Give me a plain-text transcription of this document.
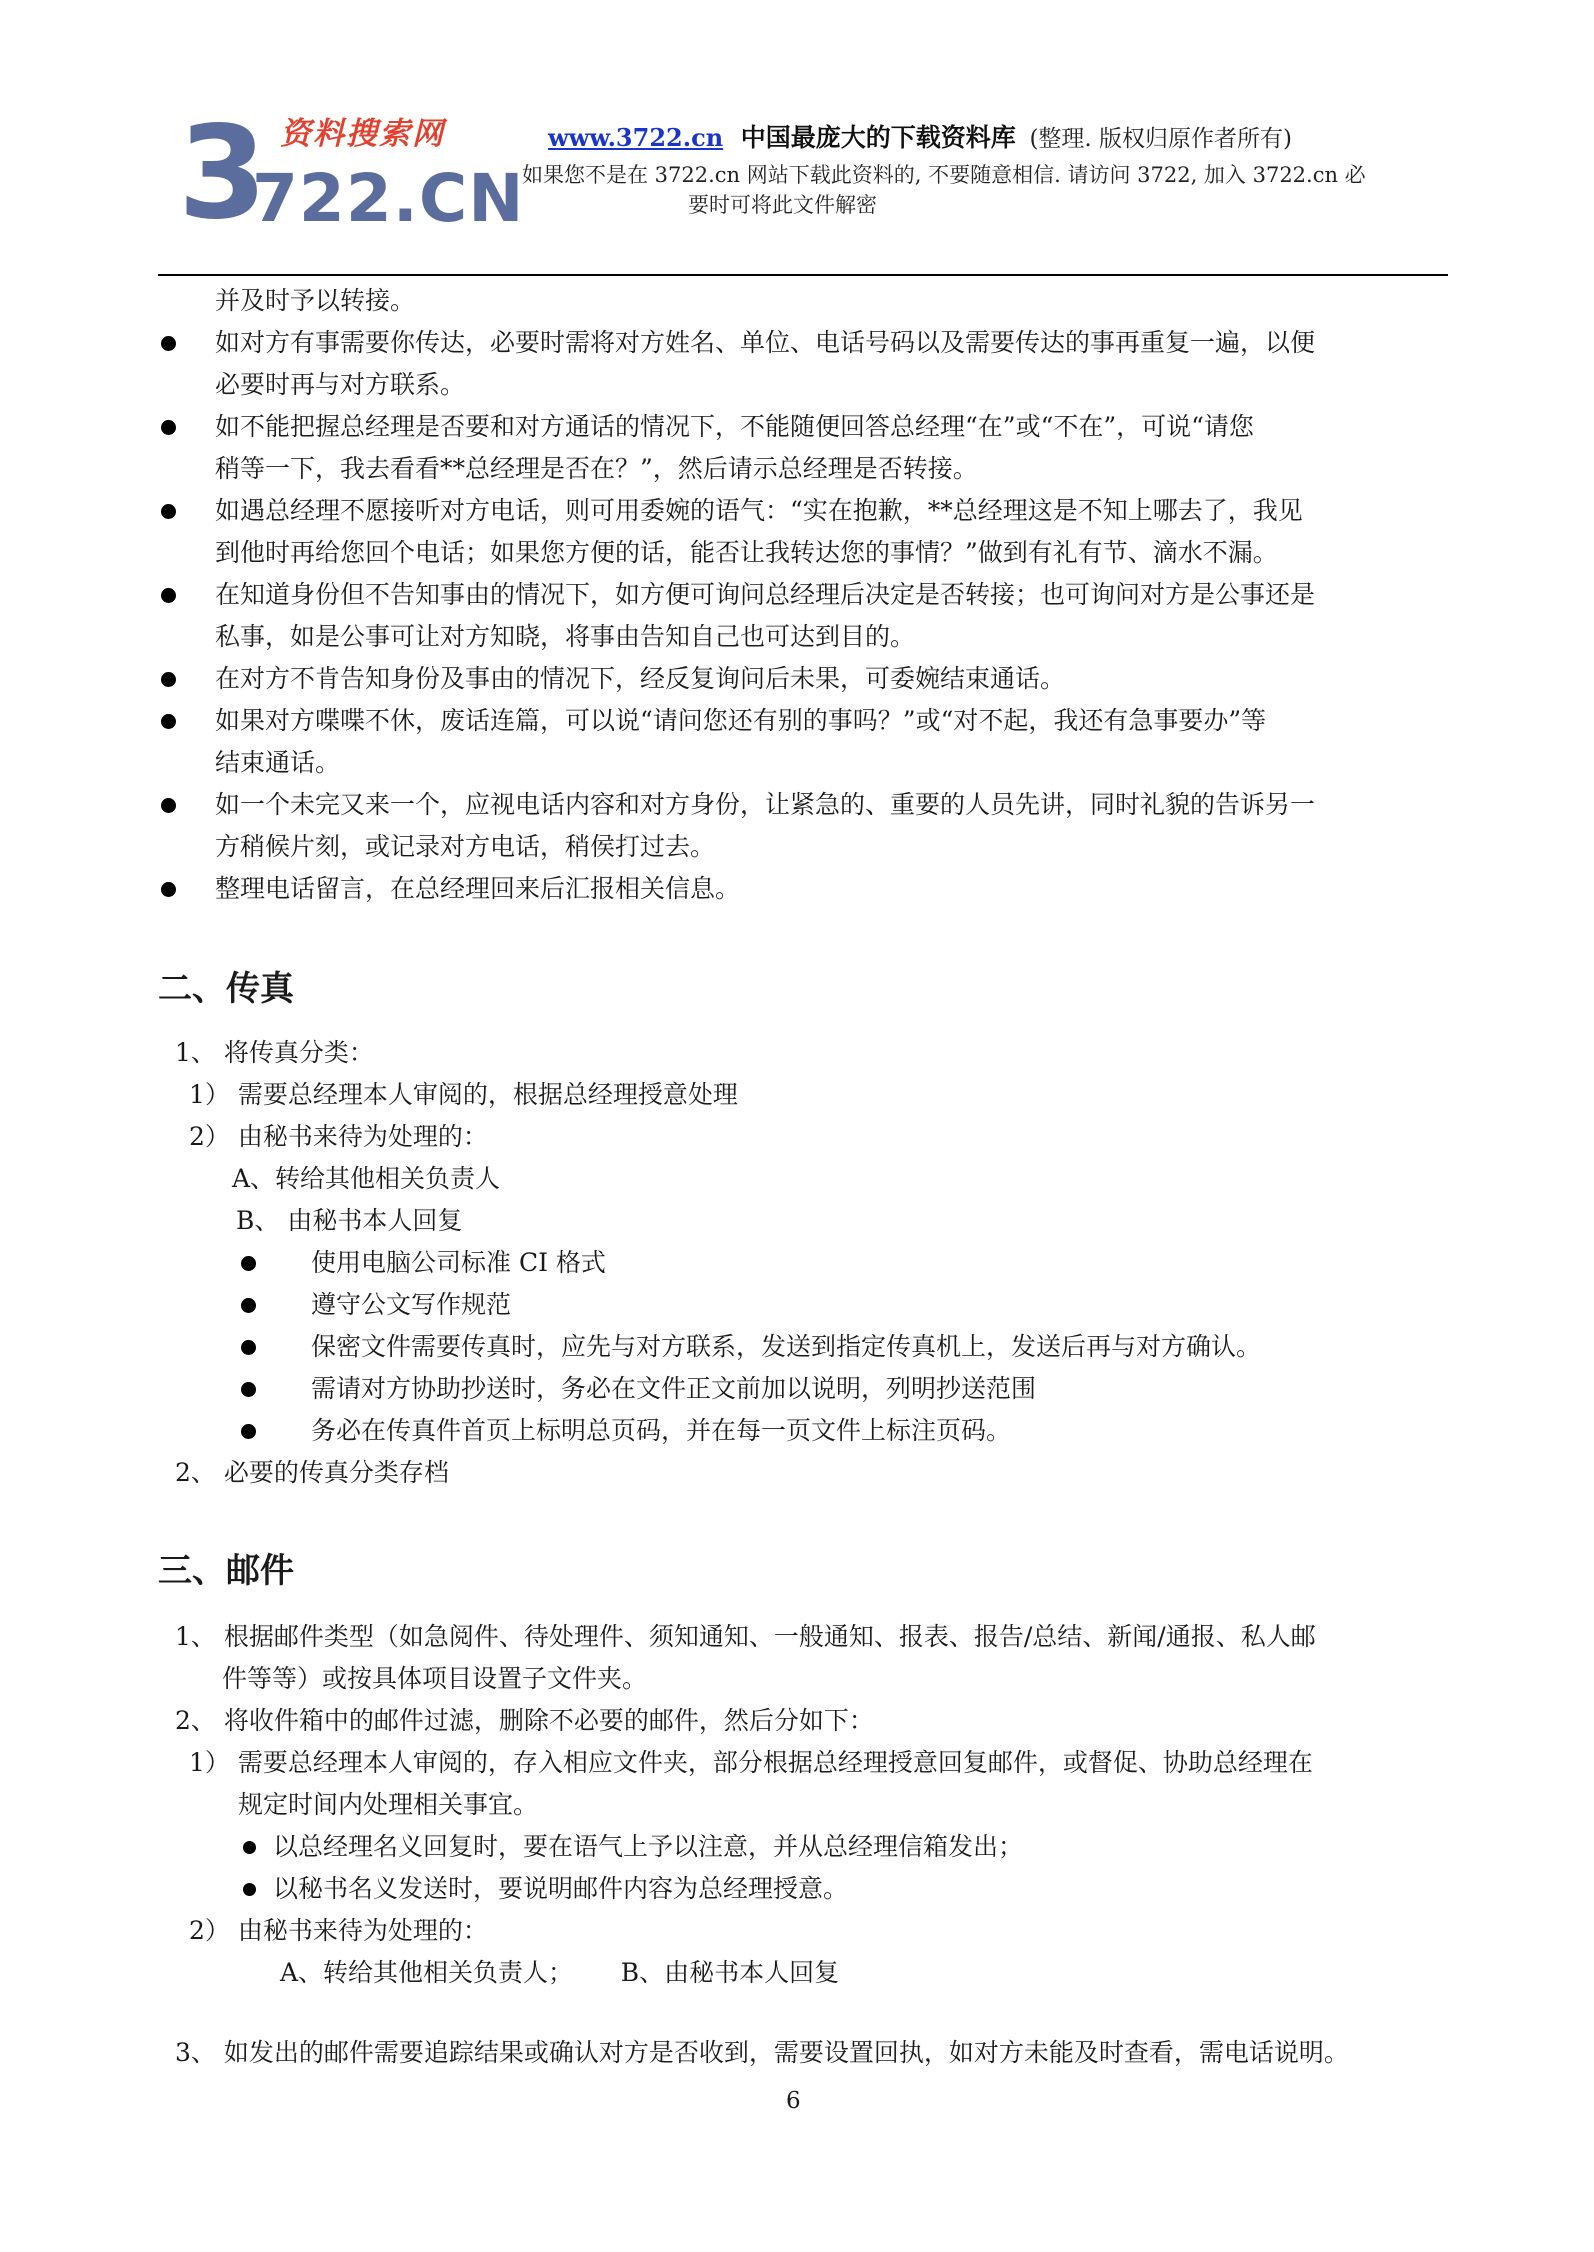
3 资料搜索网
722.CN
www.3722.cn 中国最庞大的下载资料库 (整理. 版权归原作者所有)
如果您不是在 3722.cn 网站下载此资料的, 不要随意相信. 请访问 3722, 加入 3722.cn 必
要时可将此文件解密
并及时予以转接。
如对方有事需要你传达，必要时需将对方姓名、单位、电话号码以及需要传达的事再重复一遍，以便
必要时再与对方联系。
如不能把握总经理是否要和对方通话的情况下，不能随便回答总经理“在”或“不在”，可说“请您
稍等一下，我去看看**总经理是否在？”，然后请示总经理是否转接。
如遇总经理不愿接听对方电话，则可用委婉的语气：“实在抱歉，**总经理这是不知上哪去了，我见
到他时再给您回个电话；如果您方便的话，能否让我转达您的事情？”做到有礼有节、滴水不漏。
在知道身份但不告知事由的情况下，如方便可询问总经理后决定是否转接；也可询问对方是公事还是
私事，如是公事可让对方知晓，将事由告知自己也可达到目的。
在对方不肯告知身份及事由的情况下，经反复询问后未果，可委婉结束通话。
如果对方喋喋不休，废话连篇，可以说“请问您还有别的事吗？”或“对不起，我还有急事要办”等
结束通话。
如一个未完又来一个，应视电话内容和对方身份，让紧急的、重要的人员先讲，同时礼貌的告诉另一
方稍候片刻，或记录对方电话，稍侯打过去。
整理电话留言，在总经理回来后汇报相关信息。
二、传真
1、 将传真分类：
1） 需要总经理本人审阅的，根据总经理授意处理
2） 由秘书来待为处理的：
A、转给其他相关负责人
B、 由秘书本人回复
使用电脑公司标准 CI 格式
遵守公文写作规范
保密文件需要传真时，应先与对方联系，发送到指定传真机上，发送后再与对方确认。
需请对方协助抄送时，务必在文件正文前加以说明，列明抄送范围
务必在传真件首页上标明总页码，并在每一页文件上标注页码。
2、 必要的传真分类存档
三、邮件
1、 根据邮件类型（如急阅件、待处理件、须知通知、一般通知、报表、报告/总结、新闻/通报、私人邮
件等等）或按具体项目设置子文件夹。
2、 将收件箱中的邮件过滤，删除不必要的邮件，然后分如下：
1） 需要总经理本人审阅的，存入相应文件夹，部分根据总经理授意回复邮件，或督促、协助总经理在
规定时间内处理相关事宜。
以总经理名义回复时，要在语气上予以注意，并从总经理信箱发出；
以秘书名义发送时，要说明邮件内容为总经理授意。
2） 由秘书来待为处理的：
A、转给其他相关负责人；      B、由秘书本人回复
3、 如发出的邮件需要追踪结果或确认对方是否收到，需要设置回执，如对方未能及时查看，需电话说明。
6
